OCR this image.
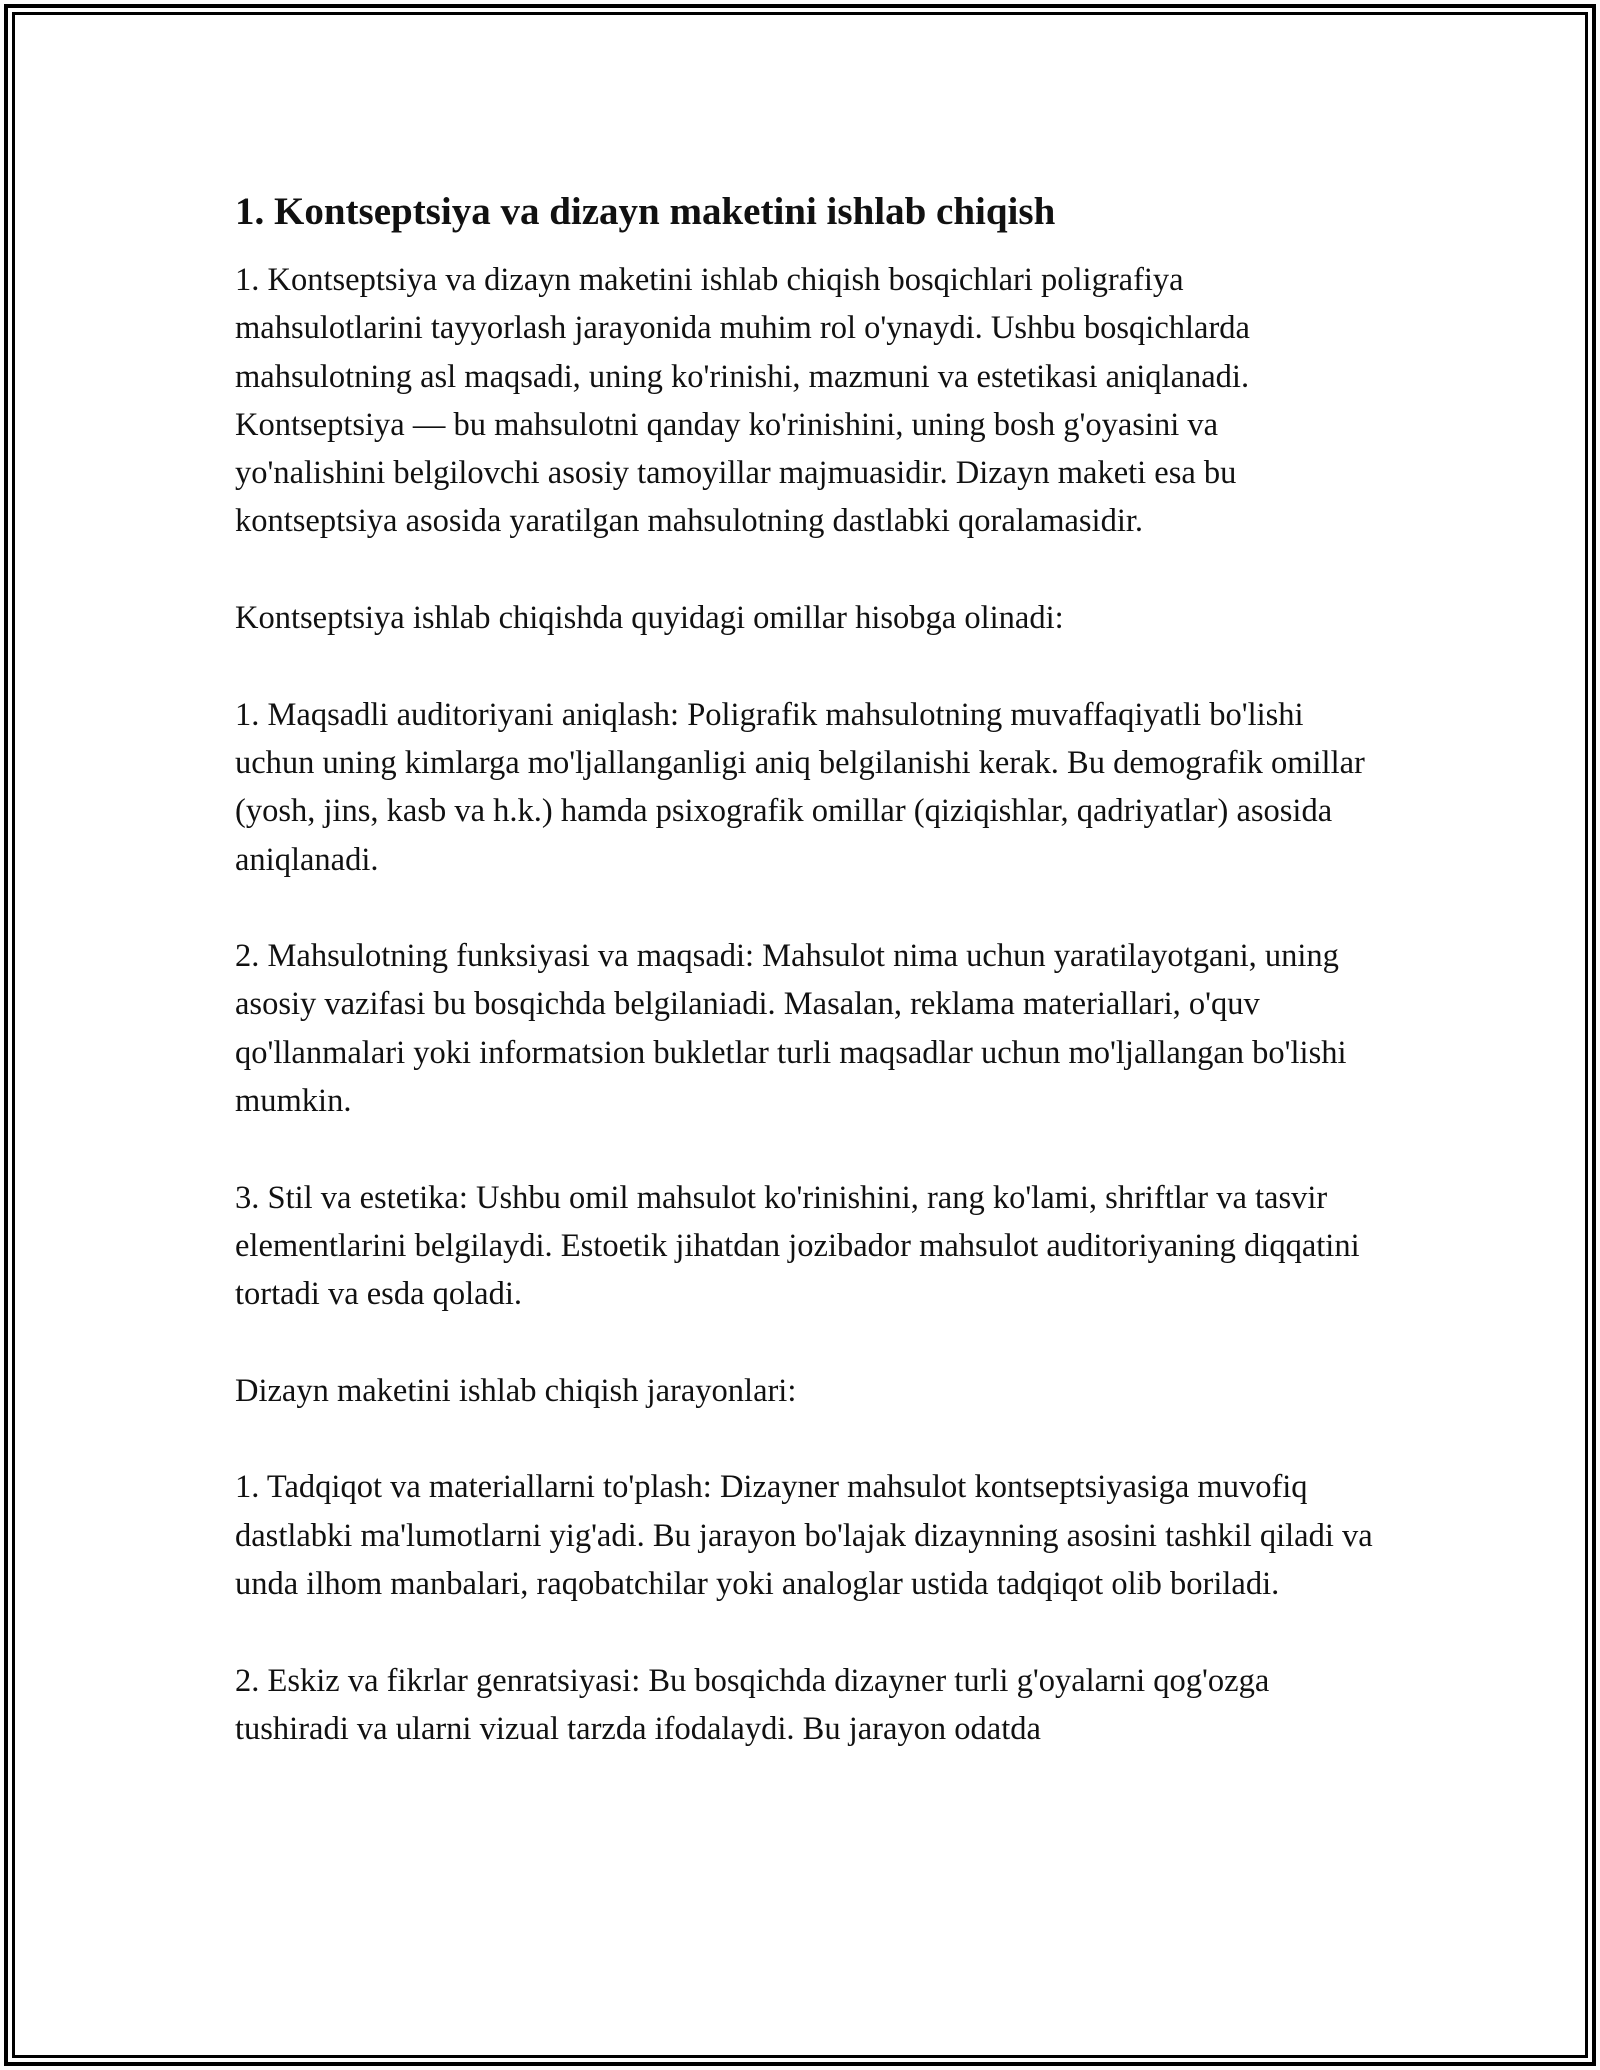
1. Kontseptsiya va dizayn maketini ishlab chiqish

1. Kontseptsiya va dizayn maketini ishlab chiqish bosqichlari poligrafiya mahsulotlarini tayyorlash jarayonida muhim rol o'ynaydi. Ushbu bosqichlarda mahsulotning asl maqsadi, uning ko'rinishi, mazmuni va estetikasi aniqlanadi. Kontseptsiya — bu mahsulotni qanday ko'rinishini, uning bosh g'oyasini va yo'nalishini belgilovchi asosiy tamoyillar majmuasidir. Dizayn maketi esa bu kontseptsiya asosida yaratilgan mahsulotning dastlabki qoralamasidir.

Kontseptsiya ishlab chiqishda quyidagi omillar hisobga olinadi:

1. Maqsadli auditoriyani aniqlash: Poligrafik mahsulotning muvaffaqiyatli bo'lishi uchun uning kimlarga mo'ljallanganligi aniq belgilanishi kerak. Bu demografik omillar (yosh, jins, kasb va h.k.) hamda psixografik omillar (qiziqishlar, qadriyatlar) asosida aniqlanadi.

2. Mahsulotning funksiyasi va maqsadi: Mahsulot nima uchun yaratilayotgani, uning asosiy vazifasi bu bosqichda belgilaniadi. Masalan, reklama materiallari, o'quv qo'llanmalari yoki informatsion bukletlar turli maqsadlar uchun mo'ljallangan bo'lishi mumkin.

3. Stil va estetika: Ushbu omil mahsulot ko'rinishini, rang ko'lami, shriftlar va tasvir elementlarini belgilaydi. Estoetik jihatdan jozibador mahsulot auditoriyaning diqqatini tortadi va esda qoladi.

Dizayn maketini ishlab chiqish jarayonlari:

1. Tadqiqot va materiallarni to'plash: Dizayner mahsulot kontseptsiyasiga muvofiq dastlabki ma'lumotlarni yig'adi. Bu jarayon bo'lajak dizaynning asosini tashkil qiladi va unda ilhom manbalari, raqobatchilar yoki analoglar ustida tadqiqot olib boriladi.

2. Eskiz va fikrlar genratsiyasi: Bu bosqichda dizayner turli g'oyalarni qog'ozga tushiradi va ularni vizual tarzda ifodalaydi. Bu jarayon odatda
